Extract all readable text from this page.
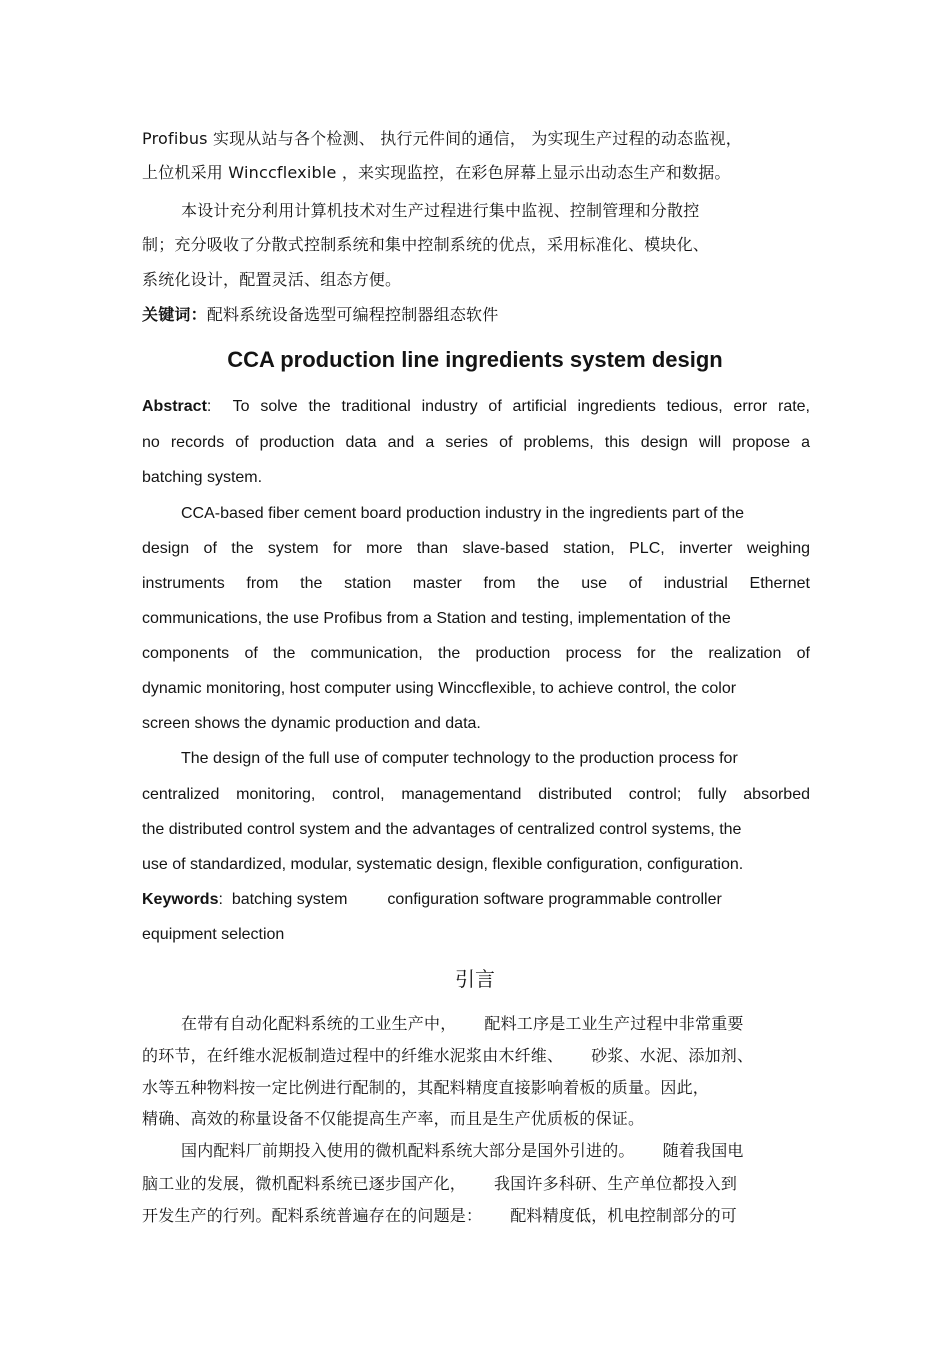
Profibus 实现从站与各个检测、 执行元件间的通信， 为实现生产过程的动态监视，
上位机采用 Winccflexible ，来实现监控，在彩色屏幕上显示出动态生产和数据。
本设计充分利用计算机技术对生产过程进行集中监视、控制管理和分散控
制；充分吸收了分散式控制系统和集中控制系统的优点，采用标准化、模块化、
系统化设计，配置灵活、组态方便。
关键词：配料系统设备选型可编程控制器组态软件
CCA production line ingredients system design
Abstract: To solve the traditional industry of artificial ingredients tedious, error rate,
no records of production data and a series of problems, this design will propose a
batching system.
CCA-based fiber cement board production industry in the ingredients part of the
design of the system for more than slave-based station, PLC, inverter weighing
instruments from the station master from the use of industrial Ethernet
communications, the use Profibus from a Station and testing, implementation of the
components of the communication, the production process for the realization of
dynamic monitoring, host computer using Winccflexible, to achieve control, the color
screen shows the dynamic production and data.
The design of the full use of computer technology to the production process for
centralized monitoring, control, managementand distributed control; fully absorbed
the distributed control system and the advantages of centralized control systems, the
use of standardized, modular, systematic design, flexible configuration, configuration.
Keywords: batching system	configuration software programmable controller
equipment selection
引言
在带有自动化配料系统的工业生产中， 配料工序是工业生产过程中非常重要
的环节，在纤维水泥板制造过程中的纤维水泥浆由木纤维、 砂浆、水泥、添加剂、
水等五种物料按一定比例进行配制的，其配料精度直接影响着板的质量。因此，
精确、高效的称量设备不仅能提高生产率，而且是生产优质板的保证。
国内配料厂前期投入使用的微机配料系统大部分是国外引进的。 随着我国电
脑工业的发展，微机配料系统已逐步国产化， 我国许多科研、生产单位都投入到
开发生产的行列。配料系统普遍存在的问题是： 配料精度低，机电控制部分的可
